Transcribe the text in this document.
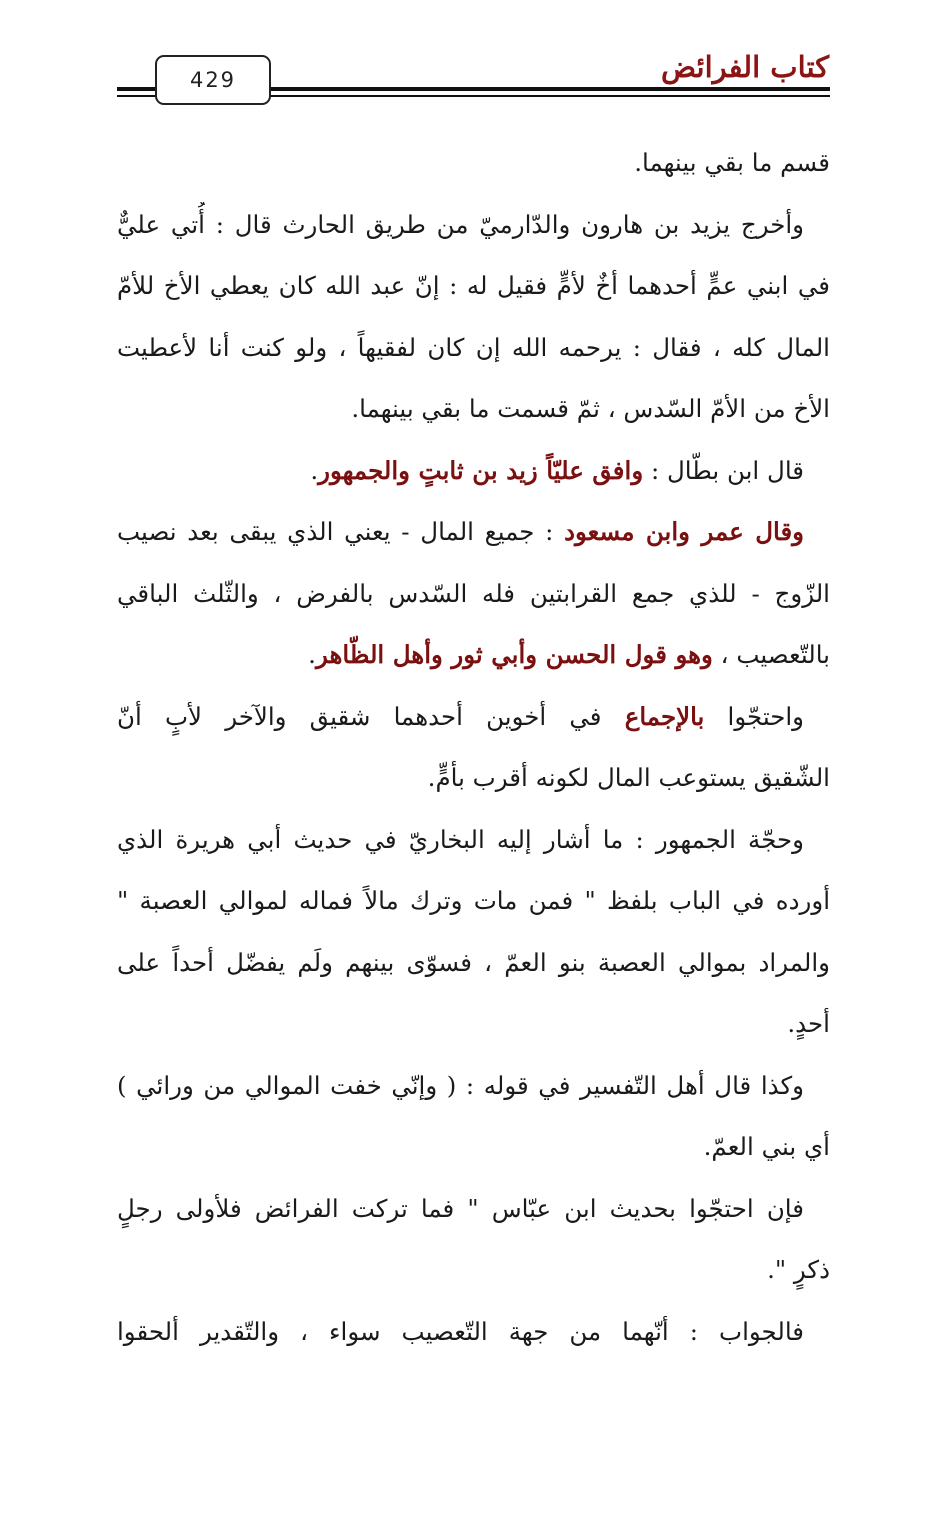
429	كتاب الفرائض
قسم ما بقي بينهما.
وأخرج يزيد بن هارون والدّارميّ من طريق الحارث قال : أُتي عليٌّ
في ابني عمٍّ أحدهما أخٌ لأمٍّ فقيل له : إنّ عبد الله كان يعطي الأخ للأمّ
المال كله ، فقال : يرحمه الله إن كان لفقيهاً ، ولو كنت أنا لأعطيت
الأخ من الأمّ السّدس ، ثمّ قسمت ما بقي بينهما.
قال ابن بطّال : وافق عليّاً زيد بن ثابتٍ والجمهور.
وقال عمر وابن مسعود : جميع المال - يعني الذي يبقى بعد نصيب
الزّوج - للذي جمع القرابتين فله السّدس بالفرض ، والثّلث الباقي
بالتّعصيب ، وهو قول الحسن وأبي ثور وأهل الظّاهر.
واحتجّوا بالإجماع في أخوين أحدهما شقيق والآخر لأبٍ أنّ
الشّقيق يستوعب المال لكونه أقرب بأمٍّ.
وحجّة الجمهور : ما أشار إليه البخاريّ في حديث أبي هريرة الذي
أورده في الباب بلفظ " فمن مات وترك مالاً فماله لموالي العصبة "
والمراد بموالي العصبة بنو العمّ ، فسوّى بينهم ولَم يفضّل أحداً على
أحدٍ.
وكذا قال أهل التّفسير في قوله : ( وإنّي خفت الموالي من ورائي )
أي بني العمّ.
فإن احتجّوا بحديث ابن عبّاس " فما تركت الفرائض فلأولى رجلٍ
ذكرٍ ".
فالجواب : أنّهما من جهة التّعصيب سواء ، والتّقدير ألحقوا
